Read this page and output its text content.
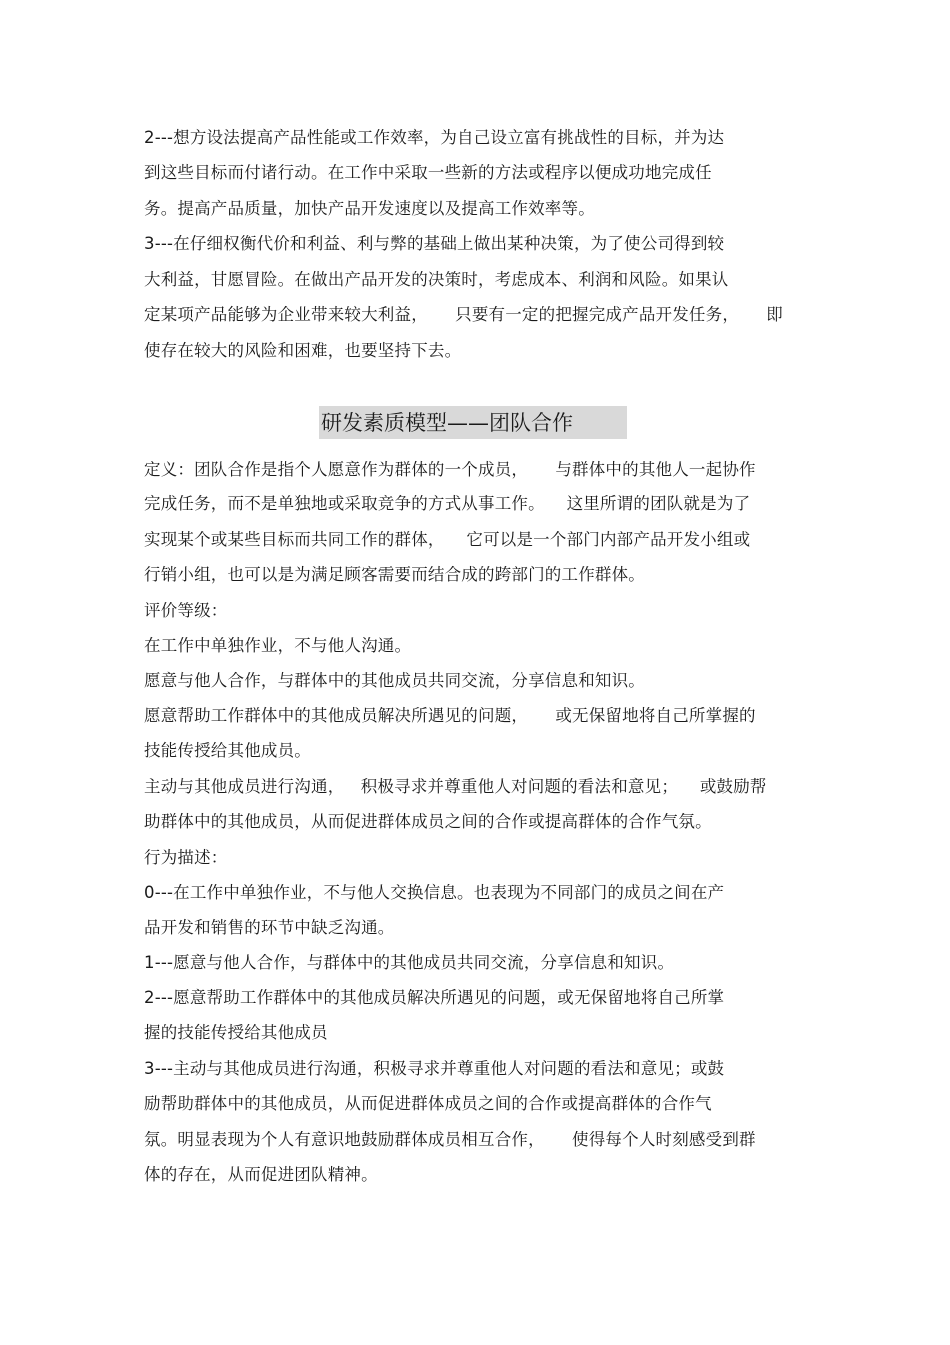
2---想方设法提高产品性能或工作效率，为自己设立富有挑战性的目标，并为达
到这些目标而付诸行动。在工作中采取一些新的方法或程序以便成功地完成任
务。提高产品质量，加快产品开发速度以及提高工作效率等。
3---在仔细权衡代价和利益、利与弊的基础上做出某种决策，为了使公司得到较
大利益，甘愿冒险。在做出产品开发的决策时，考虑成本、利润和风险。如果认
定某项产品能够为企业带来较大利益，     只要有一定的把握完成产品开发任务，     即
使存在较大的风险和困难，也要坚持下去。
研发素质模型——团队合作
定义：团队合作是指个人愿意作为群体的一个成员，     与群体中的其他人一起协作
完成任务，而不是单独地或采取竞争的方式从事工作。    这里所谓的团队就是为了
实现某个或某些目标而共同工作的群体，    它可以是一个部门内部产品开发小组或
行销小组，也可以是为满足顾客需要而结合成的跨部门的工作群体。
评价等级：
在工作中单独作业，不与他人沟通。
愿意与他人合作，与群体中的其他成员共同交流，分享信息和知识。
愿意帮助工作群体中的其他成员解决所遇见的问题，     或无保留地将自己所掌握的
技能传授给其他成员。
主动与其他成员进行沟通，   积极寻求并尊重他人对问题的看法和意见；    或鼓励帮
助群体中的其他成员，从而促进群体成员之间的合作或提高群体的合作气氛。
行为描述：
0---在工作中单独作业，不与他人交换信息。也表现为不同部门的成员之间在产
品开发和销售的环节中缺乏沟通。
1---愿意与他人合作，与群体中的其他成员共同交流，分享信息和知识。
2---愿意帮助工作群体中的其他成员解决所遇见的问题，或无保留地将自己所掌
握的技能传授给其他成员
3---主动与其他成员进行沟通，积极寻求并尊重他人对问题的看法和意见；或鼓
励帮助群体中的其他成员，从而促进群体成员之间的合作或提高群体的合作气
氛。明显表现为个人有意识地鼓励群体成员相互合作，     使得每个人时刻感受到群
体的存在，从而促进团队精神。
